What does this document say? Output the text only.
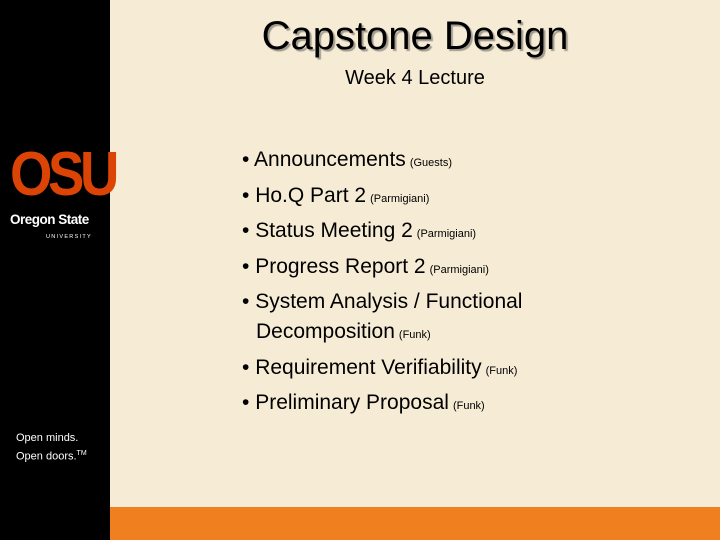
OSU
Oregon State
UNIVERSITY
Open minds.
Open doors.™
Capstone Design
Week 4 Lecture
• Announcements (Guests)
• Ho.Q Part 2 (Parmigiani)
• Status Meeting 2 (Parmigiani)
• Progress Report 2 (Parmigiani)
• System Analysis / Functional Decomposition (Funk)
• Requirement Verifiability (Funk)
• Preliminary Proposal (Funk)
